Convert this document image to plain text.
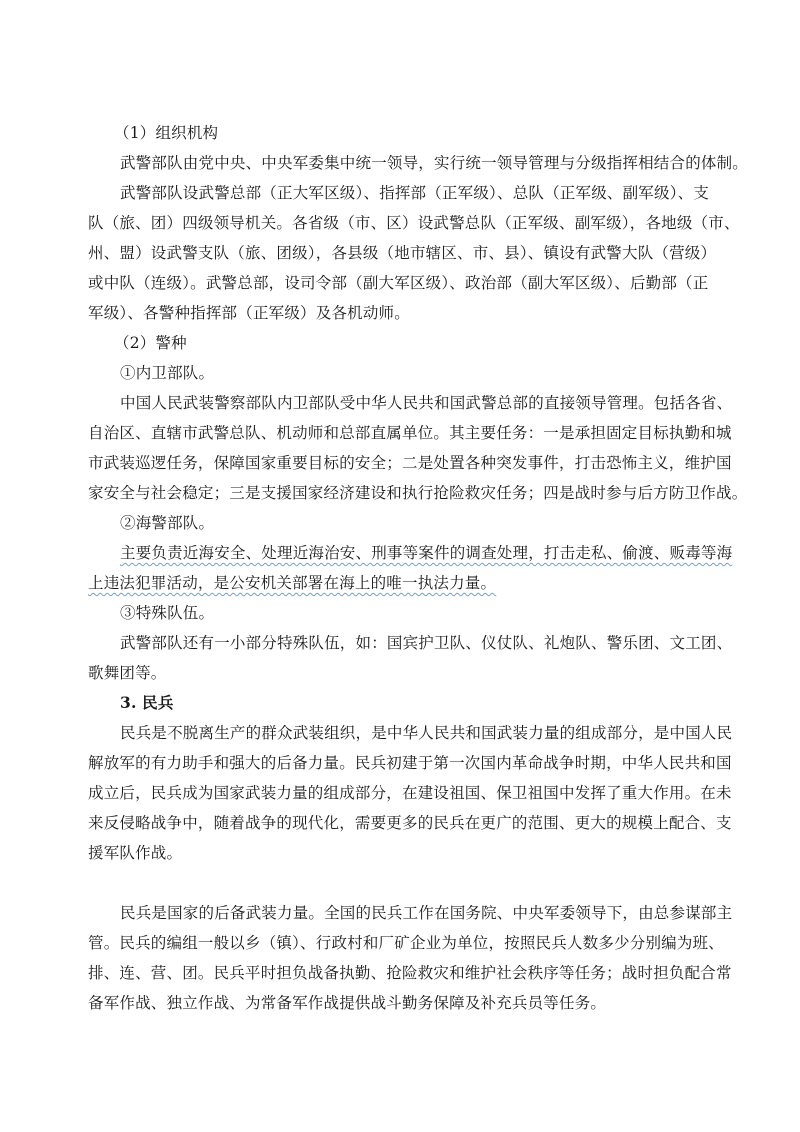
（1）组织机构
武警部队由党中央、中央军委集中统一领导，实行统一领导管理与分级指挥相结合的体制。
武警部队设武警总部（正大军区级）、指挥部（正军级）、总队（正军级、副军级）、支
队（旅、团）四级领导机关。各省级（市、区）设武警总队（正军级、副军级），各地级（市、
州、盟）设武警支队（旅、团级），各县级（地市辖区、市、县）、镇设有武警大队（营级）
或中队（连级）。武警总部，设司令部（副大军区级）、政治部（副大军区级）、后勤部（正
军级）、各警种指挥部（正军级）及各机动师。
（2）警种
①内卫部队。
中国人民武装警察部队内卫部队受中华人民共和国武警总部的直接领导管理。包括各省、
自治区、直辖市武警总队、机动师和总部直属单位。其主要任务：一是承担固定目标执勤和城
市武装巡逻任务，保障国家重要目标的安全；二是处置各种突发事件，打击恐怖主义，维护国
家安全与社会稳定；三是支援国家经济建设和执行抢险救灾任务；四是战时参与后方防卫作战。
②海警部队。
主要负责近海安全、处理近海治安、刑事等案件的调查处理，打击走私、偷渡、贩毒等海
上违法犯罪活动，是公安机关部署在海上的唯一执法力量。
③特殊队伍。
武警部队还有一小部分特殊队伍，如：国宾护卫队、仪仗队、礼炮队、警乐团、文工团、
歌舞团等。
3. 民兵
民兵是不脱离生产的群众武装组织，是中华人民共和国武装力量的组成部分，是中国人民
解放军的有力助手和强大的后备力量。民兵初建于第一次国内革命战争时期，中华人民共和国
成立后，民兵成为国家武装力量的组成部分，在建设祖国、保卫祖国中发挥了重大作用。在未
来反侵略战争中，随着战争的现代化，需要更多的民兵在更广的范围、更大的规模上配合、支
援军队作战。
民兵是国家的后备武装力量。全国的民兵工作在国务院、中央军委领导下，由总参谋部主
管。民兵的编组一般以乡（镇）、行政村和厂矿企业为单位，按照民兵人数多少分别编为班、
排、连、营、团。民兵平时担负战备执勤、抢险救灾和维护社会秩序等任务；战时担负配合常
备军作战、独立作战、为常备军作战提供战斗勤务保障及补充兵员等任务。
